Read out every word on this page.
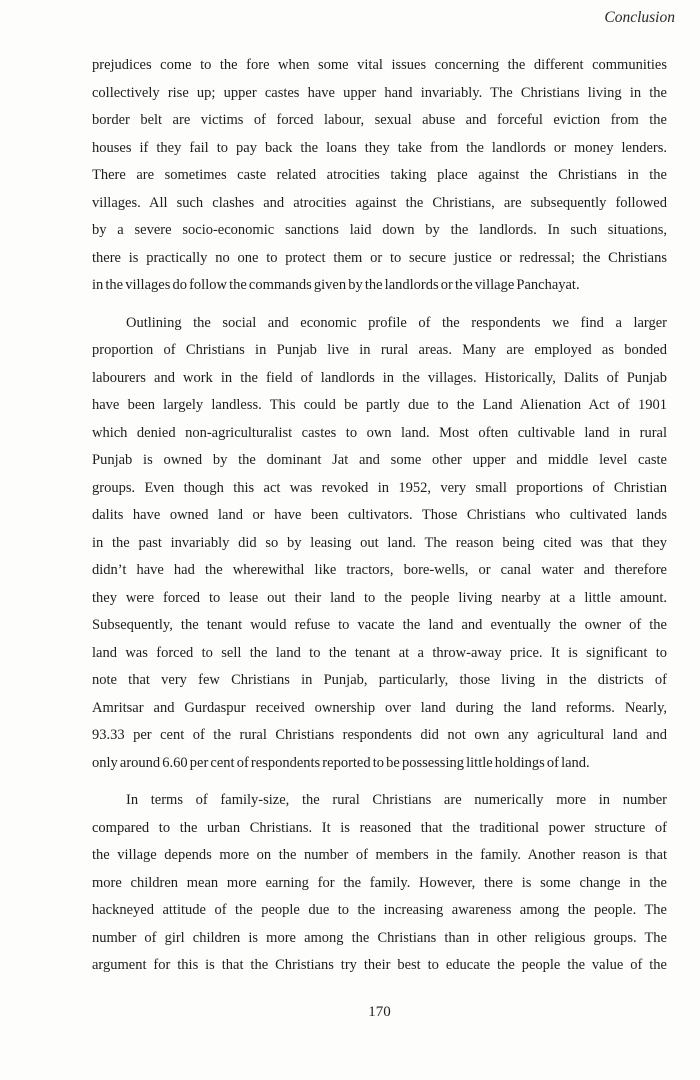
Conclusion
prejudices come to the fore when some vital issues concerning the different communities
collectively rise up; upper castes have upper hand invariably. The Christians living in the
border belt are victims of forced labour, sexual abuse and forceful eviction from the
houses if they fail to pay back the loans they take from the landlords or money lenders.
There are sometimes caste related atrocities taking place against the Christians in the
villages. All such clashes and atrocities against the Christians, are subsequently followed
by a severe socio-economic sanctions laid down by the landlords. In such situations,
there is practically no one to protect them or to secure justice or redressal; the Christians
in the villages do follow the commands given by the landlords or the village Panchayat.
Outlining the social and economic profile of the respondents we find a larger
proportion of Christians in Punjab live in rural areas. Many are employed as bonded
labourers and work in the field of landlords in the villages. Historically, Dalits of Punjab
have been largely landless. This could be partly due to the Land Alienation Act of 1901
which denied non-agriculturalist castes to own land. Most often cultivable land in rural
Punjab is owned by the dominant Jat and some other upper and middle level caste
groups. Even though this act was revoked in 1952, very small proportions of Christian
dalits have owned land or have been cultivators. Those Christians who cultivated lands
in the past invariably did so by leasing out land. The reason being cited was that they
didn’t have had the wherewithal like tractors, bore-wells, or canal water and therefore
they were forced to lease out their land to the people living nearby at a little amount.
Subsequently, the tenant would refuse to vacate the land and eventually the owner of the
land was forced to sell the land to the tenant at a throw-away price. It is significant to
note that very few Christians in Punjab, particularly, those living in the districts of
Amritsar and Gurdaspur received ownership over land during the land reforms. Nearly,
93.33 per cent of the rural Christians respondents did not own any agricultural land and
only around 6.60 per cent of respondents reported to be possessing little holdings of land.
In terms of family-size, the rural Christians are numerically more in number
compared to the urban Christians. It is reasoned that the traditional power structure of
the village depends more on the number of members in the family. Another reason is that
more children mean more earning for the family. However, there is some change in the
hackneyed attitude of the people due to the increasing awareness among the people. The
number of girl children is more among the Christians than in other religious groups. The
argument for this is that the Christians try their best to educate the people the value of the
170
